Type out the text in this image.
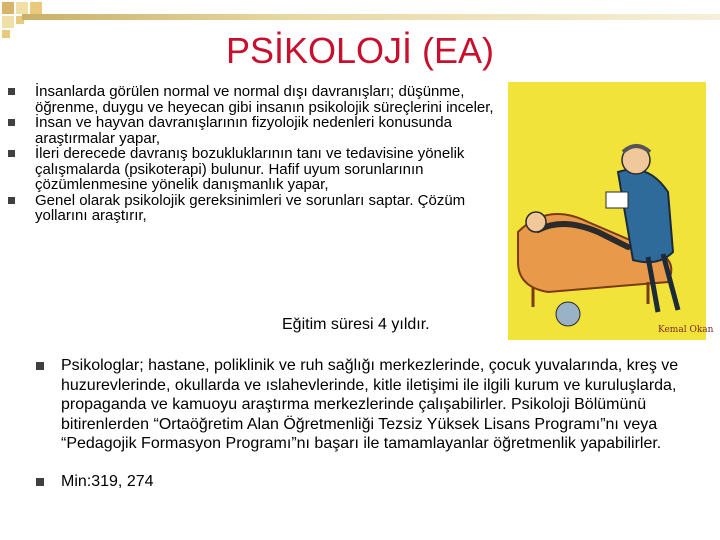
PSİKOLOJİ (EA)
İnsanlarda görülen normal ve normal dışı davranışları; düşünme, öğrenme, duygu ve heyecan gibi insanın psikolojik süreçlerini inceler,
İnsan ve hayvan davranışlarının fizyolojik nedenleri konusunda araştırmalar yapar,
İleri derecede davranış bozukluklarının tanı ve tedavisine yönelik çalışmalarda (psikoterapi) bulunur. Hafif uyum sorunlarının çözümlenmesine yönelik danışmanlık yapar,
Genel olarak psikolojik gereksinimleri ve sorunları saptar. Çözüm yollarını araştırır,
Kemal Okan
Eğitim süresi 4 yıldır.
Psikologlar; hastane, poliklinik ve ruh sağlığı merkezlerinde, çocuk yuvalarında, kreş ve huzurevlerinde, okullarda ve ıslahevlerinde, kitle iletişimi ile ilgili kurum ve kuruluşlarda, propaganda ve kamuoyu araştırma merkezlerinde çalışabilirler. Psikoloji Bölümünü bitirenlerden “Ortaöğretim Alan Öğretmenliği Tezsiz Yüksek Lisans Programı”nı veya “Pedagojik Formasyon Programı”nı başarı ile tamamlayanlar öğretmenlik yapabilirler.
Min:319, 274
